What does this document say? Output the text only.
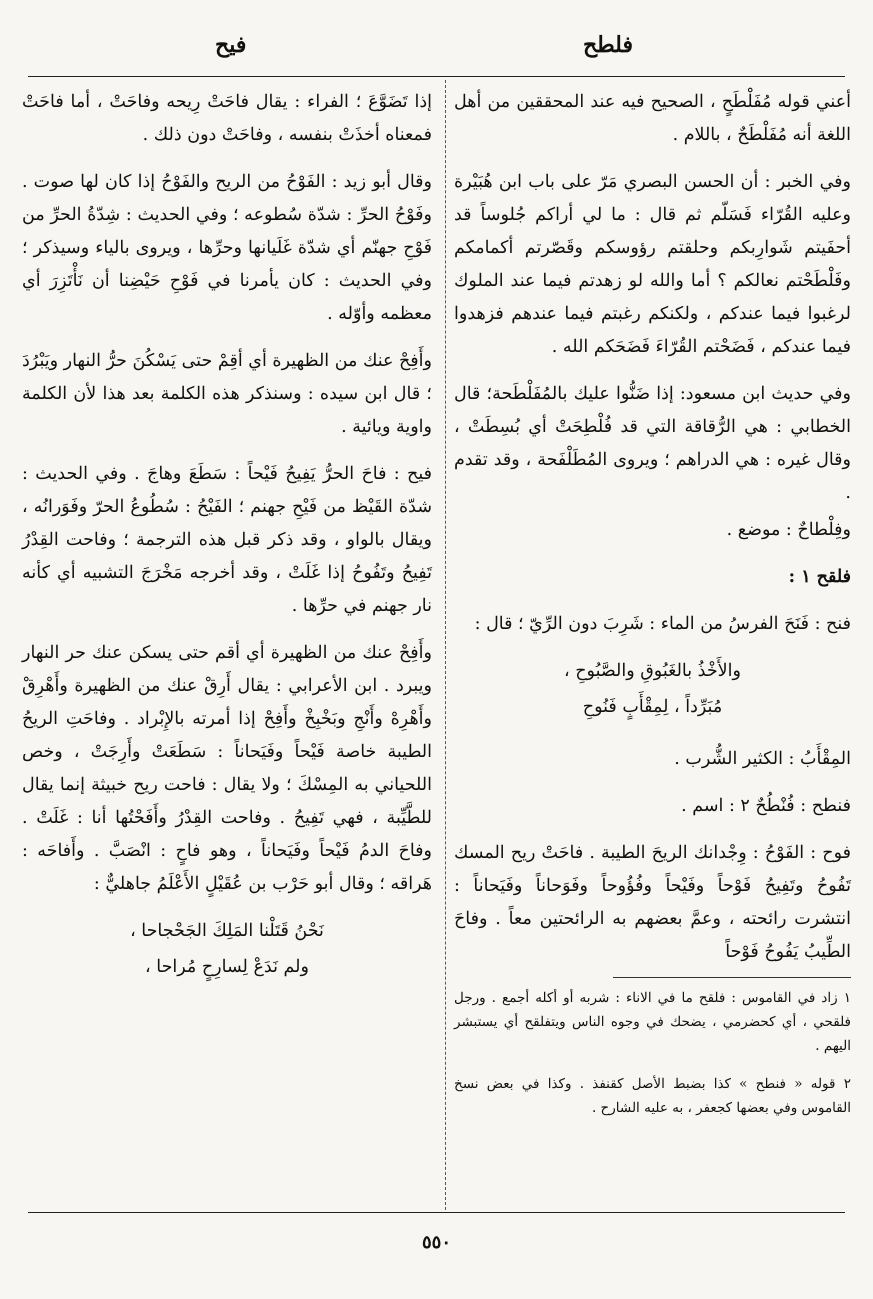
فلطح
فيح

أعني قوله مُفَلْطَحٍ ، الصحيح فيه عند المحققين من أهل اللغة أنه مُفَلْطَحٌ ، باللام .

وفي الخبر : أن الحسن البصري مَرّ على باب ابن هُبَيْرة وعليه القُرّاء فَسَلّم ثم قال : ما لي أراكم جُلوساً قد أحفَيتم شَوارِبكم وحلقتم رؤوسكم وقَصّرتم أكمامكم وفَلْطَحْتم نعالكم ؟ أما والله لو زهدتم فيما عند الملوك لرغبوا فيما عندكم ، ولكنكم رغبتم فيما عندهم فزهدوا فيما عندكم ، فَضَحْتم القُرّاءَ فَضَحَكم الله .

وفي حديث ابن مسعود: إذا ضَنُّوا عليك بالمُفَلْطَحة؛ قال الخطابي : هي الرُّقاقة التي قد فُلْطِحَتْ أي بُسِطَتْ ، وقال غيره : هي الدراهم ؛ ويروى المُطَلْفَحة ، وقد تقدم .

وفِلْطاحٌ : موضع .

فلقح ١ :

فنح : فَنَحَ الفرسُ من الماء : شَرِبَ دون الرِّيّ ؛ قال :

والأَخْذُ بالغَبُوقِ والصَّبُوحِ ،
مُبَرِّداً ، لِمِقْأَبٍ فَنُوحِ

المِقْأَبُ : الكثير الشُّرب .

فنطح : فُنْطُحٌ ٢ : اسم .

فوح : الفَوْحُ : وِجْدانك الريحَ الطيبة . فاحَتْ ريح المسك تَفُوحُ وتَفِيحُ فَوْحاً وفَيْحاً وفُؤُوحاً وفَوَحاناً وفَيَحاناً : انتشرت رائحته ، وعمَّ بعضهم به الرائحتين معاً . وفاحَ الطِّيبُ يَفُوحُ فَوْحاً

١ زاد في القاموس : فلقح ما في الاناء : شربه أو أكله أجمع . ورجل فلقحي ، أي كحضرمي ، يضحك في وجوه الناس ويتفلقح أي يستبشر اليهم .

٢ قوله « فنطح » كذا بضبط الأصل كقنفذ . وكذا في بعض نسخ القاموس وفي بعضها كجعفر ، به عليه الشارح .

إذا تَضَوَّعَ ؛ الفراء : يقال فاحَتْ رِيحه وفاحَتْ ، أما فاحَتْ فمعناه أخذَتْ بنفسه ، وفاحَتْ دون ذلك .

وقال أبو زيد : الفَوْحُ من الريح والفَوْحُ إذا كان لها صوت . وفَوْحُ الحرِّ : شدّة سُطوعه ؛ وفي الحديث : شِدّةُ الحرِّ من فَوْحِ جهنّم أي شدّة غَلَيانها وحرِّها ، ويروى بالياء وسيذكر ؛ وفي الحديث : كان يأمرنا في فَوْحِ حَيْضِنا أن نَأْتَزِرَ أي معظمه وأوّله .

وأَفِحْ عنك من الظهيرة أي أقِمْ حتى يَسْكُنَ حرُّ النهار ويَبْرُدَ ؛ قال ابن سيده : وسنذكر هذه الكلمة بعد هذا لأن الكلمة واوية ويائية .

فيح : فاحَ الحرُّ يَفِيحُ فَيْحاً : سَطَعَ وهاجَ . وفي الحديث : شدّة القَيْظ من فَيْحِ جهنم ؛ الفَيْحُ : سُطُوعُ الحرّ وفَوَرانُه ، ويقال بالواو ، وقد ذكر قبل هذه الترجمة ؛ وفاحت القِدْرُ تَفِيحُ وتَفُوحُ إذا غَلَتْ ، وقد أخرجه مَخْرَجَ التشبيه أي كأنه نار جهنم في حرِّها .

وأَفِحْ عنك من الظهيرة أي أقم حتى يسكن عنك حر النهار ويبرد . ابن الأعرابي : يقال أَرِقْ عنك من الظهيرة وأَهْرِقْ وأَهْرِهْ وأَنْجِ وبَخْبِخْ وأَفِحْ إذا أمرته بالإِبْراد . وفاحَتِ الريحُ الطيبة خاصة فَيْحاً وفَيَحاناً : سَطَعَتْ وأَرِجَتْ ، وخص اللحياني به المِسْكَ ؛ ولا يقال : فاحت ريح خبيثة إنما يقال للطَّيِّبة ، فهي تَفِيحُ . وفاحت القِدْرُ وأَفَحْتُها أنا : غَلَتْ . وفاحَ الدمُ فَيْحاً وفَيَحاناً ، وهو فاحٍ : انْصَبَّ . وأَفاحَه : هَراقه ؛ وقال أبو حَرْب بن عُقَيْلٍ الأَعْلَمُ جاهليٌّ :

نَحْنُ قَتَلْنا المَلِكَ الجَحْجاحا ،
ولم نَدَعْ لِسارِحٍ مُراحا ،
٥٥٠
